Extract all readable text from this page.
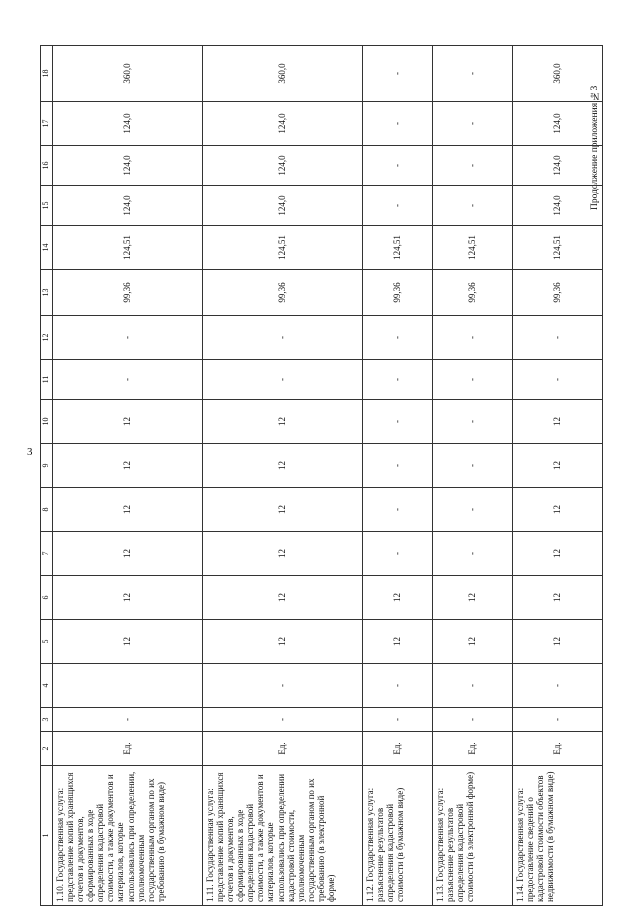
3
Продолжение приложения №3
1	2	3	4	5	6	7	8	9	10	11	12	13	14	15	16	17	18
1.10. Государственная услуга: представление копий хранящихся отчетов и документов, сформированных в ходе определения кадастровой стоимости, а также документов и материалов, которые использовались при определении, уполномоченным государственным органом по их требованию (в бумажном виде)	Ед.	-		12	12	12	12	12	12	-	-	99,36	124,51	124,0	124,0	124,0	360,0
1.11. Государственная услуга: представление копий хранящихся отчетов и документов, сформированных в ходе определения кадастровой стоимости, а также документов и материалов, которые использовались при определении кадастровой стоимости, уполномоченным государственным органом по их требованию (в электронной форме)	Ед.	-	-	12	12	12	12	12	12	-	-	99,36	124,51	124,0	124,0	124,0	360,0
1.12. Государственная услуга: разъяснение результатов определения кадастровой стоимости (в бумажном виде)	Ед.	-	-	12	12	-	-	-	-	-	-	99,36	124,51	-	-	-	-
1.13. Государственная услуга: разъяснение результатов определения кадастровой стоимости (в электронной форме)	Ед.	-	-	12	12	-	-	-	-	-	-	99,36	124,51	-	-	-	-
1.14. Государственная услуга: предоставление сведений о кадастровой стоимости объектов недвижимости (в бумажном виде)	Ед.	-	-	12	12	12	12	12	12	-	-	99,36	124,51	124,0	124,0	124,0	360,0
